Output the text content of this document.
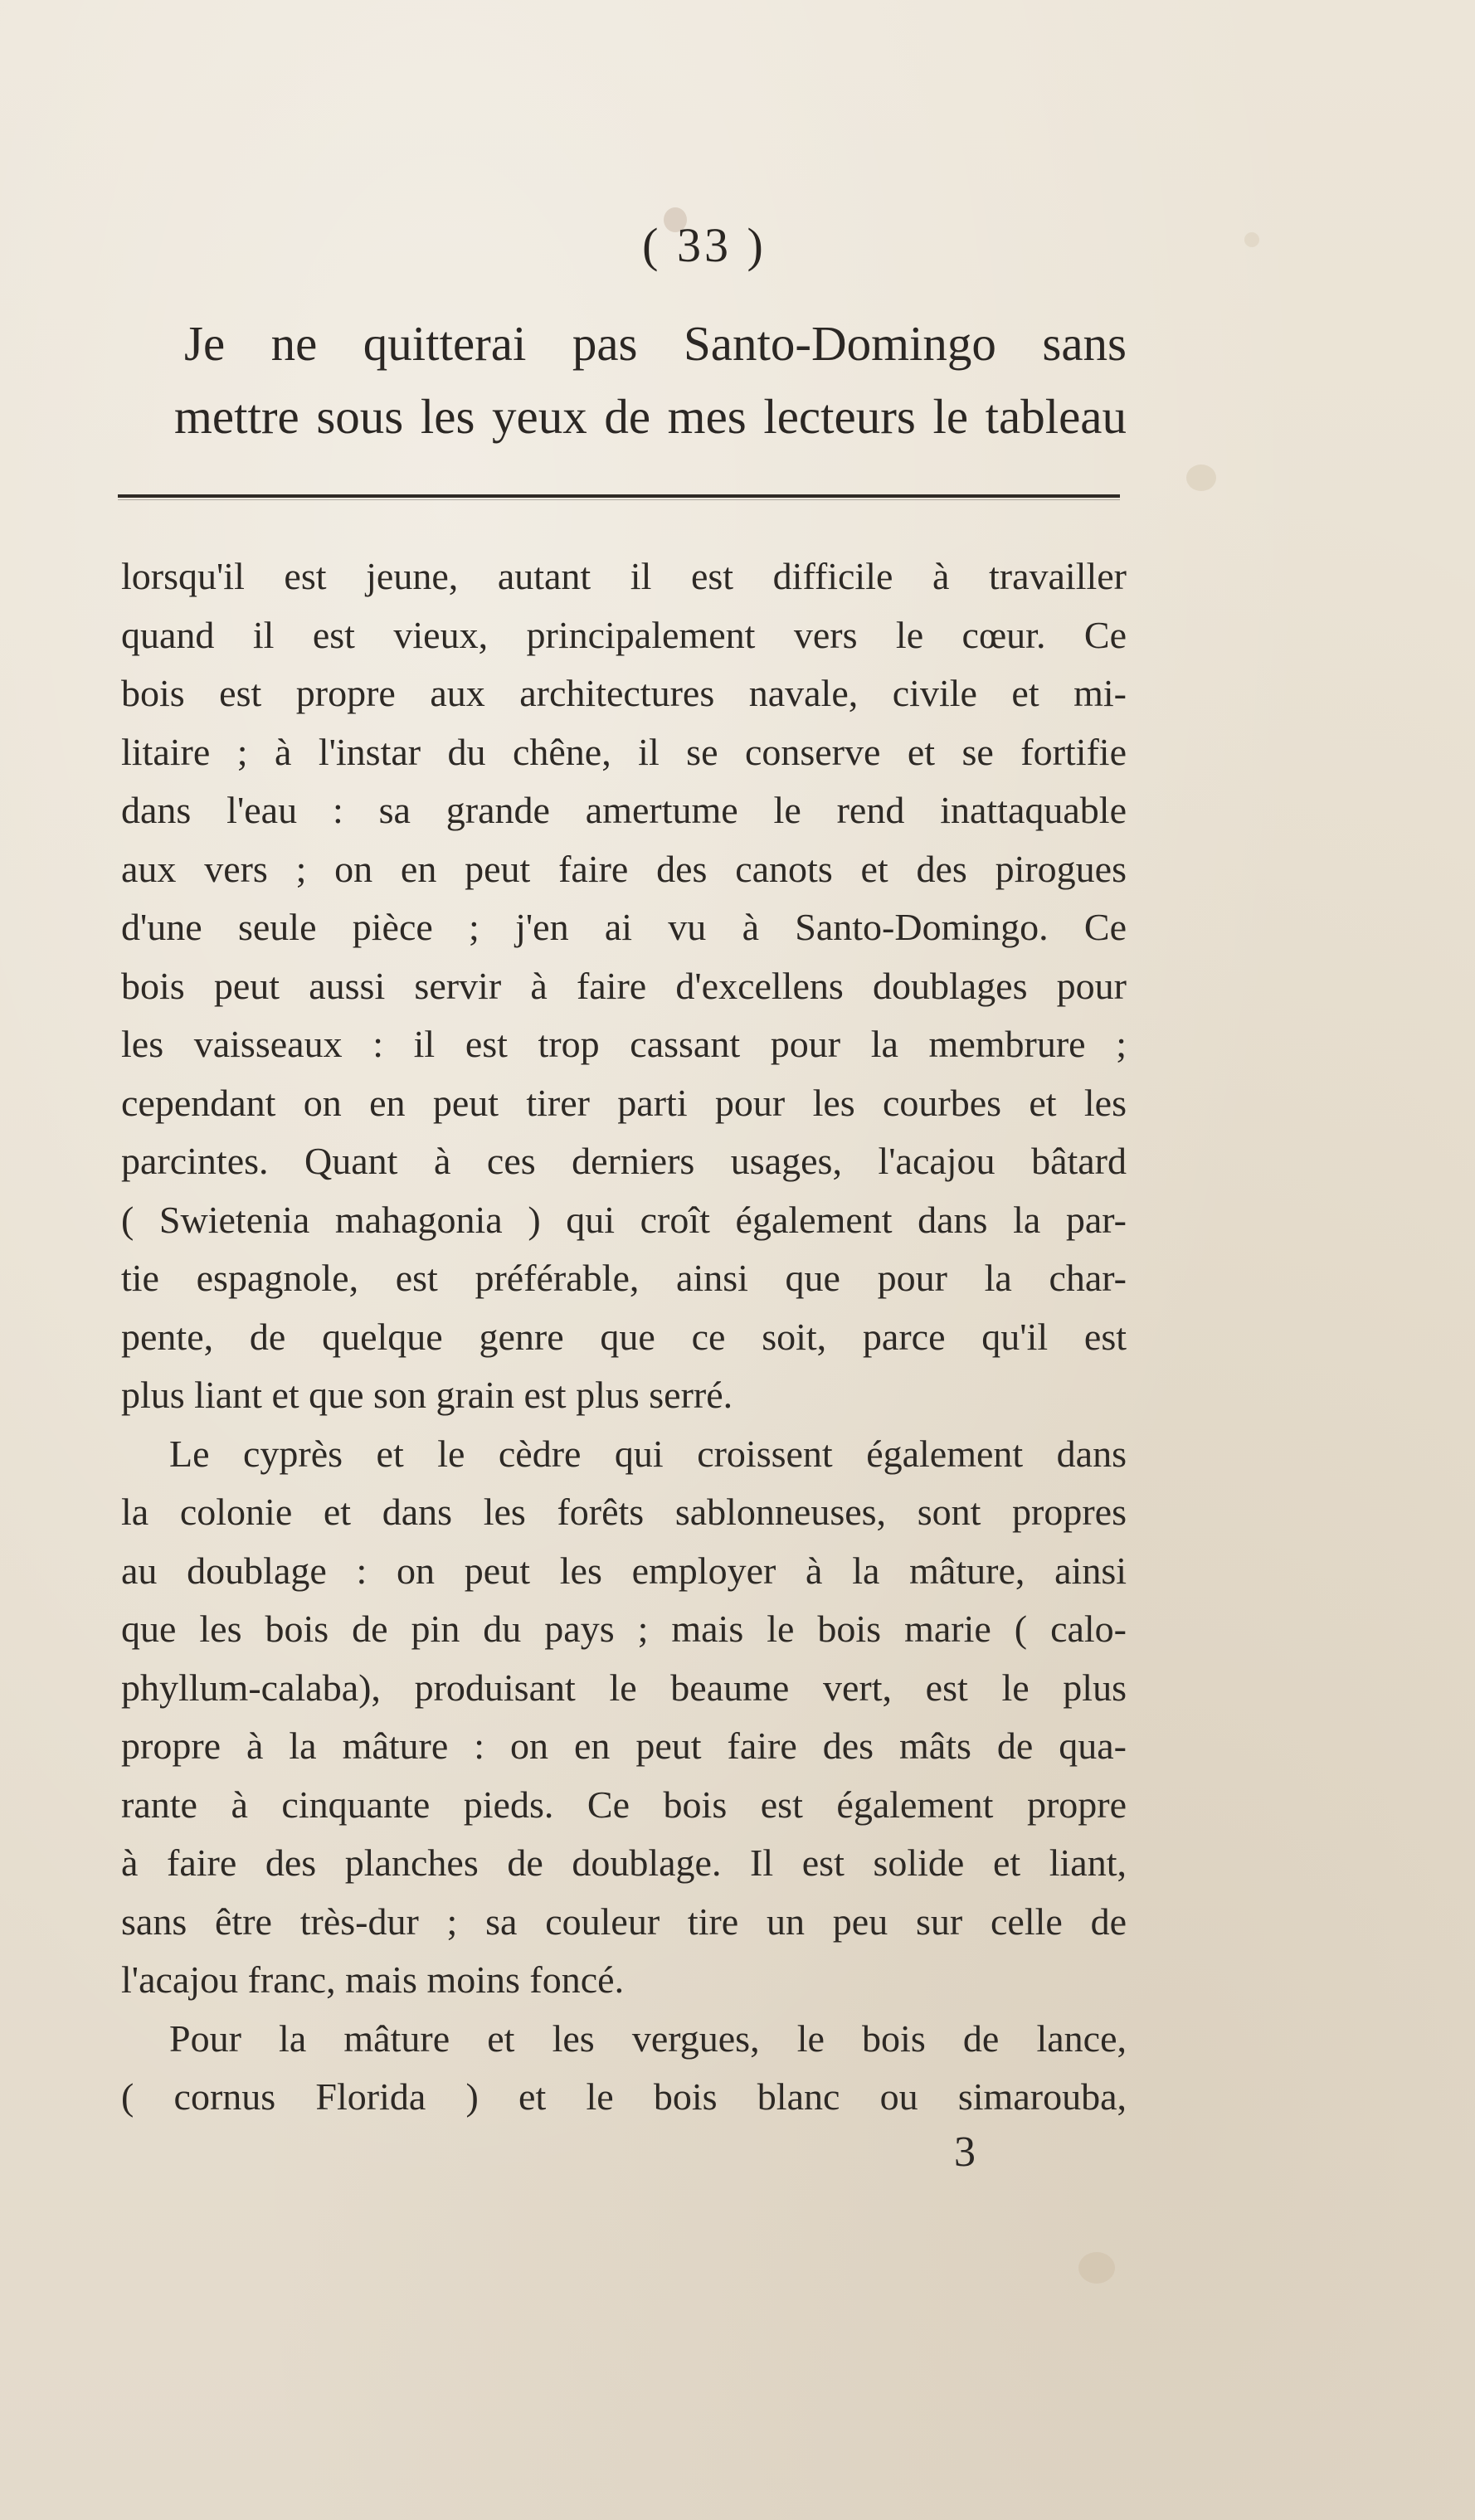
( 33 )
Je ne quitterai pas Santo-Domingo sans
mettre sous les yeux de mes lecteurs le tableau
lorsqu'il est jeune, autant il est difficile à travailler
quand il est vieux, principalement vers le cœur. Ce
bois est propre aux architectures navale, civile et mi-
litaire ; à l'instar du chêne, il se conserve et se fortifie
dans l'eau : sa grande amertume le rend inattaquable
aux vers ; on en peut faire des canots et des pirogues
d'une seule pièce ; j'en ai vu à Santo-Domingo. Ce
bois peut aussi servir à faire d'excellens doublages pour
les vaisseaux : il est trop cassant pour la membrure ;
cependant on en peut tirer parti pour les courbes et les
parcintes. Quant à ces derniers usages, l'acajou bâtard
( Swietenia mahagonia ) qui croît également dans la par-
tie espagnole, est préférable, ainsi que pour la char-
pente, de quelque genre que ce soit, parce qu'il est
plus liant et que son grain est plus serré.
Le cyprès et le cèdre qui croissent également dans
la colonie et dans les forêts sablonneuses, sont propres
au doublage : on peut les employer à la mâture, ainsi
que les bois de pin du pays ; mais le bois marie ( calo-
phyllum-calaba), produisant le beaume vert, est le plus
propre à la mâture : on en peut faire des mâts de qua-
rante à cinquante pieds. Ce bois est également propre
à faire des planches de doublage. Il est solide et liant,
sans être très-dur ; sa couleur tire un peu sur celle de
l'acajou franc, mais moins foncé.
Pour la mâture et les vergues, le bois de lance,
( cornus Florida ) et le bois blanc ou simarouba,
3
